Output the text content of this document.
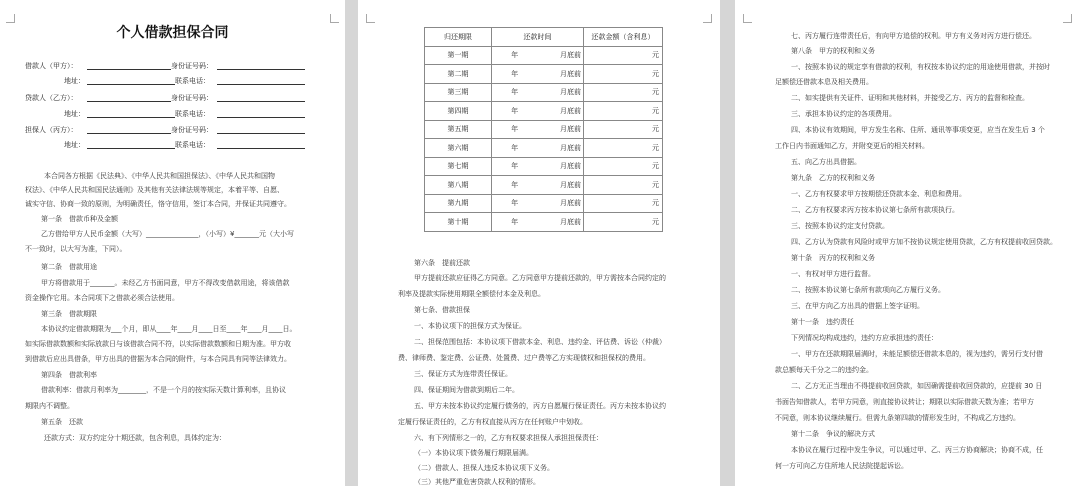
个人借款担保合同
借款人（甲方）：	身份证号码：
地址：	联系电话：
贷款人（乙方）：	身份证号码：
地址：	联系电话：
担保人（丙方）：	身份证号码：
地址：	联系电话：
本合同各方根据《民法典》、《中华人民共和国担保法》、《中华人民共和国物
权法》、《中华人民共和国民法通则》及其他有关法律法规等规定，本着平等、自愿、
诚实守信、协商一致的原则，为明确责任，恪守信用，签订本合同，并保证共同遵守。
第一条　借款币种及金额
乙方借给甲方人民币金额（大写）_______________，（小写）¥_______元（大小写
不一致时，以大写为准，下同）。
第二条　借款用途
甲方将借款用于_______。未经乙方书面同意，甲方不得改变借款用途，将该借款
资金操作它用。本合同项下之借款必须合法使用。
第三条　借款期限
本协议约定借款期限为___个月，即从____年____月____日至____年____月____日。
如实际借款数额和实际放款日与该借款合同不符，以实际借款数额和日期为准。甲方收
到借款后应出具借条，甲方出具的借据为本合同的附件，与本合同具有同等法律效力。
第四条　借款利率
借款利率：借款月利率为________，不是一个月的按实际天数计算利率，且协议
期限内不调整。
第五条　还款
还款方式：双方约定分十期还款，包含利息，具体约定为：
归还期限	还款时间		还款金额（含利息）
第一期	年	月底前	元
第二期	年	月底前	元
第三期	年	月底前	元
第四期	年	月底前	元
第五期	年	月底前	元
第六期	年	月底前	元
第七期	年	月底前	元
第八期	年	月底前	元
第九期	年	月底前	元
第十期	年	月底前	元
第六条　提前还款
甲方提前还款应征得乙方同意。乙方同意甲方提前还款的，甲方需按本合同约定的
利率及提款实际使用期限全额偿付本金及利息。
第七条、借款担保
一、本协议项下的担保方式为保证。
二、担保范围包括：本协议项下借款本金、利息、违约金、评估费、诉讼（仲裁）
费、律师费、鉴定费、公证费、处置费、过户费等乙方实现债权和担保权的费用。
三、保证方式为连带责任保证。
四、保证期间为借款到期后二年。
五、甲方未按本协议约定履行债务的，丙方自愿履行保证责任。丙方未按本协议约
定履行保证责任的，乙方有权直接从丙方在任何账户中划收。
六、有下列情形之一的，乙方有权要求担保人承担担保责任：
（一）本协议项下债务履行期限届满。
（二）借款人、担保人违反本协议项下义务。
（三）其他严重危害贷款人权利的情形。
七、丙方履行连带责任后，有向甲方追偿的权利。甲方有义务对丙方进行偿还。
第八条　甲方的权利和义务
一、按照本协议的规定享有借款的权利，有权按本协议约定的用途使用借款，并按时
足额偿还借款本息及相关费用。
二、如实提供有关证件、证明和其他材料，并接受乙方、丙方的监督和检查。
三、承担本协议约定的各项费用。
四、本协议有效期间，甲方发生名称、住所、通讯等事项变更，应当在发生后 3 个
工作日内书面通知乙方，并附变更后的相关材料。
五、向乙方出具借据。
第九条　乙方的权利和义务
一、乙方有权要求甲方按期偿还贷款本金、利息和费用。
二、乙方有权要求丙方按本协议第七条所有款项执行。
三、按照本协议约定支付贷款。
四、乙方认为贷款有风险时或甲方加不按协议规定使用贷款，乙方有权提前收回贷款。
第十条　丙方的权利和义务
一、有权对甲方进行监督。
二、按照本协议第七条所有款项向乙方履行义务。
三、在甲方向乙方出具的借据上签字证明。
第十一条　违约责任
下列情况均构成违约，违约方应承担违约责任：
一、甲方在还款期限届满时，未能足额偿还借款本息的，视为违约，需另行支付借
款总额每天千分之二的违约金。
二、乙方无正当理由不得提前收回贷款，如因确需提前收回贷款的，应提前 30 日
书面告知借款人，若甲方同意，则直接协议转让；期限以实际借款天数为准；若甲方
不同意，则本协议继续履行。但需九条第四款的情形发生时，不构成乙方违约。
第十二条　争议的解决方式
本协议在履行过程中发生争议，可以通过甲、乙、丙三方协商解决；协商不成，任
何一方可向乙方住所地人民法院提起诉讼。
